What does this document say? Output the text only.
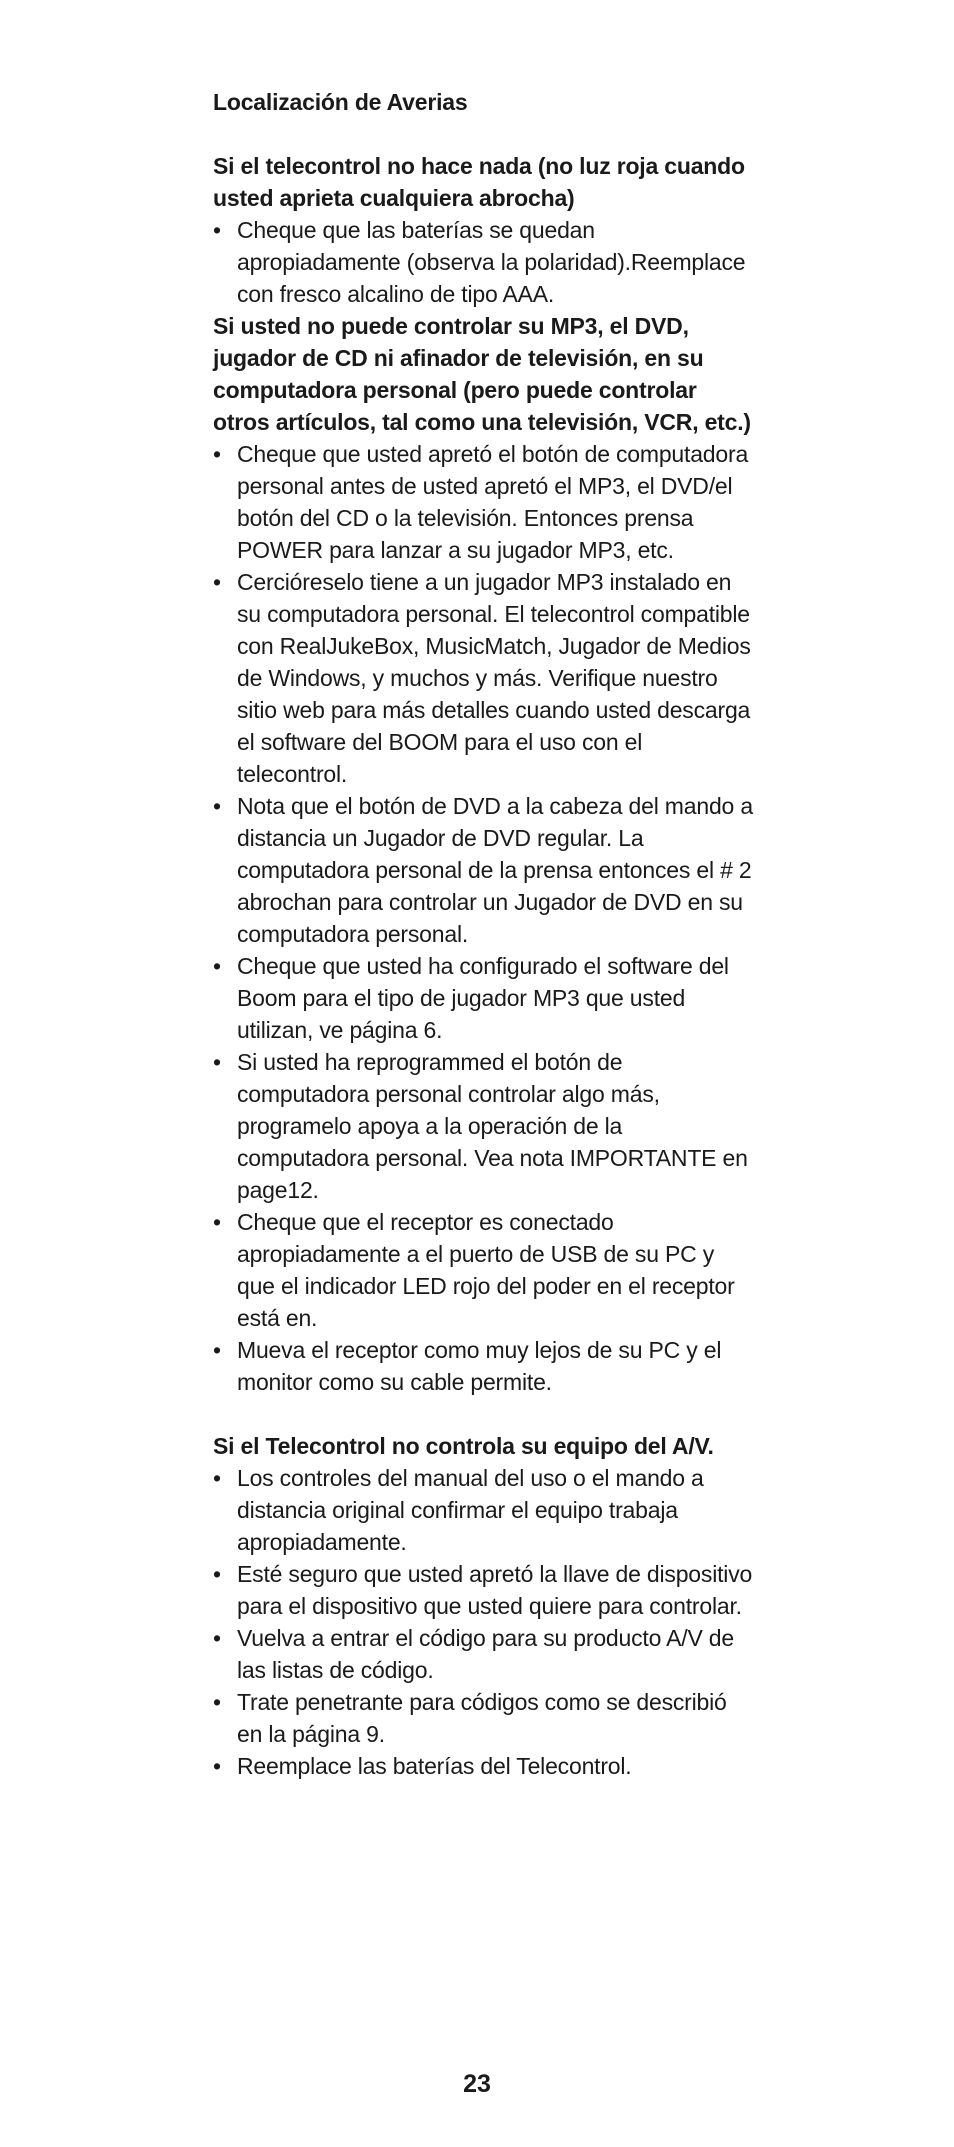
Localización de Averias

Si el telecontrol no hace nada (no luz roja cuando usted aprieta cualquiera abrocha)

• Cheque que las baterías se quedan apropiadamente (observa la polaridad).Reemplace con fresco alcalino de tipo AAA.

Si usted no puede controlar su MP3, el DVD, jugador de CD ni afinador de televisión, en su computadora personal (pero puede controlar otros artículos, tal como una televisión, VCR, etc.)

• Cheque que usted apretó el botón de computadora personal antes de usted apretó el MP3, el DVD/el botón del CD o la televisión. Entonces prensa POWER para lanzar a su jugador MP3, etc.
• Cercióreselo tiene a un jugador MP3 instalado en su computadora personal. El telecontrol compatible con RealJukeBox, MusicMatch, Jugador de Medios de Windows, y muchos y más. Verifique nuestro sitio web para más detalles cuando usted descarga el software del BOOM para el uso con el telecontrol.
• Nota que el botón de DVD a la cabeza del mando a distancia un Jugador de DVD regular. La computadora personal de la prensa entonces el # 2 abrochan para controlar un Jugador de DVD en su computadora personal.
• Cheque que usted ha configurado el software del Boom para el tipo de jugador MP3 que usted utilizan, ve página 6.
• Si usted ha reprogrammed el botón de computadora personal controlar algo más, programelo apoya a la operación de la computadora personal. Vea nota IMPORTANTE en page12.
• Cheque que el receptor es conectado apropiadamente a el puerto de USB de su PC y que el indicador LED rojo del poder en el receptor está en.
• Mueva el receptor como muy lejos de su PC y el monitor como su cable permite.

Si el Telecontrol no controla su equipo del A/V.

• Los controles del manual del uso o el mando a distancia original confirmar el equipo trabaja apropiadamente.
• Esté seguro que usted apretó la llave de dispositivo para el dispositivo que usted quiere para controlar.
• Vuelva a entrar el código para su producto A/V de las listas de código.
• Trate penetrante para códigos como se describió en la página 9.
• Reemplace las baterías del Telecontrol.
23
